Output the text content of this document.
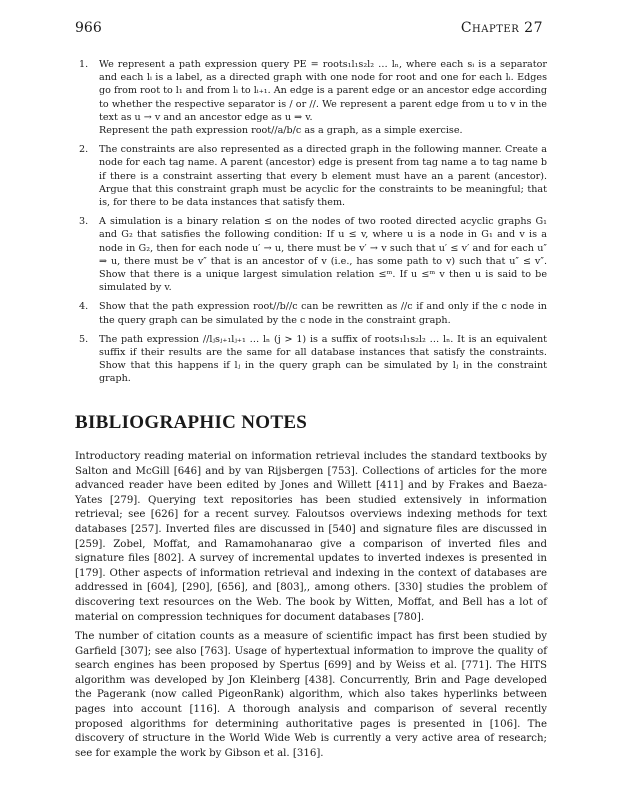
966	Chapter 27
1. We represent a path expression query PE = roots₁l₁s₂l₂ … lₙ, where each sᵢ is a separator and each lᵢ is a label, as a directed graph with one node for root and one for each lᵢ. Edges go from root to l₁ and from lᵢ to lᵢ₊₁. An edge is a parent edge or an ancestor edge according to whether the respective separator is / or //. We represent a parent edge from u to v in the text as u → v and an ancestor edge as u ⇒ v.

Represent the path expression root//a/b/c as a graph, as a simple exercise.

2. The constraints are also represented as a directed graph in the following manner. Create a node for each tag name. A parent (ancestor) edge is present from tag name a to tag name b if there is a constraint asserting that every b element must have an a parent (ancestor). Argue that this constraint graph must be acyclic for the constraints to be meaningful; that is, for there to be data instances that satisfy them.

3. A simulation is a binary relation ≤ on the nodes of two rooted directed acyclic graphs G₁ and G₂ that satisfies the following condition: If u ≤ v, where u is a node in G₁ and v is a node in G₂, then for each node u′ → u, there must be v′ → v such that u′ ≤ v′ and for each u″ ⇒ u, there must be v″ that is an ancestor of v (i.e., has some path to v) such that u″ ≤ v″. Show that there is a unique largest simulation relation ≤ᵐ. If u ≤ᵐ v then u is said to be simulated by v.

4. Show that the path expression root//b//c can be rewritten as //c if and only if the c node in the query graph can be simulated by the c node in the constraint graph.

5. The path expression //lⱼsⱼ₊₁lⱼ₊₁ … lₙ (j > 1) is a suffix of roots₁l₁s₂l₂ … lₙ. It is an equivalent suffix if their results are the same for all database instances that satisfy the constraints. Show that this happens if lⱼ in the query graph can be simulated by lⱼ in the constraint graph.

BIBLIOGRAPHIC NOTES

Introductory reading material on information retrieval includes the standard textbooks by Salton and McGill [646] and by van Rijsbergen [753]. Collections of articles for the more advanced reader have been edited by Jones and Willett [411] and by Frakes and Baeza-Yates [279]. Querying text repositories has been studied extensively in information retrieval; see [626] for a recent survey. Faloutsos overviews indexing methods for text databases [257]. Inverted files are discussed in [540] and signature files are discussed in [259]. Zobel, Moffat, and Ramamohanarao give a comparison of inverted files and signature files [802]. A survey of incremental updates to inverted indexes is presented in [179]. Other aspects of information retrieval and indexing in the context of databases are addressed in [604], [290], [656], and [803],, among others. [330] studies the problem of discovering text resources on the Web. The book by Witten, Moffat, and Bell has a lot of material on compression techniques for document databases [780].

The number of citation counts as a measure of scientific impact has first been studied by Garfield [307]; see also [763]. Usage of hypertextual information to improve the quality of search engines has been proposed by Spertus [699] and by Weiss et al. [771]. The HITS algorithm was developed by Jon Kleinberg [438]. Concurrently, Brin and Page developed the Pagerank (now called PigeonRank) algorithm, which also takes hyperlinks between pages into account [116]. A thorough analysis and comparison of several recently proposed algorithms for determining authoritative pages is presented in [106]. The discovery of structure in the World Wide Web is currently a very active area of research; see for example the work by Gibson et al. [316].
